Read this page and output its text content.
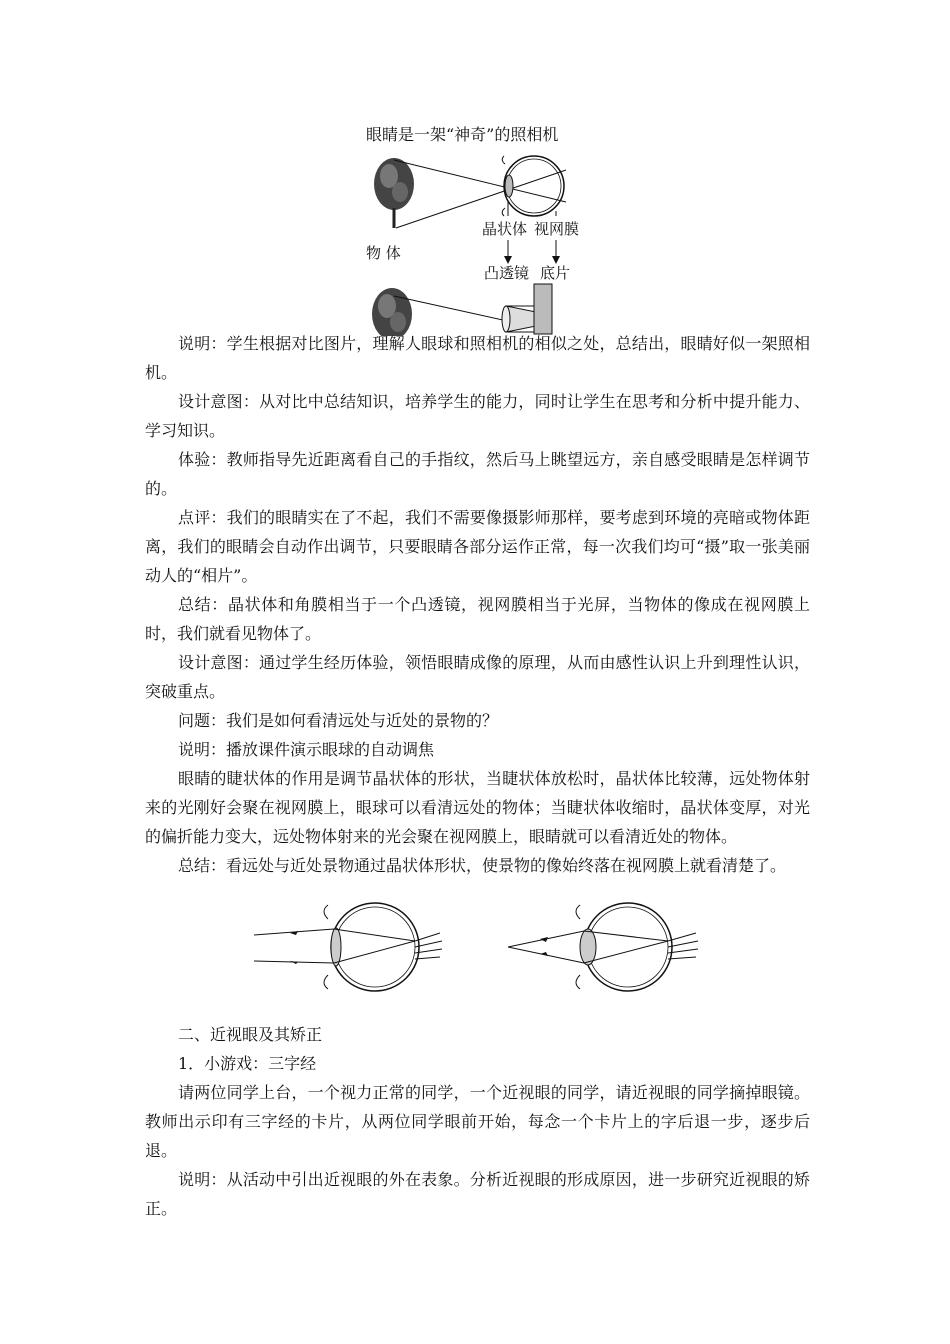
眼睛是一架“神奇”的照相机
晶状体 视网膜
凸透镜 底片
物 体

说明：学生根据对比图片，理解人眼球和照相机的相似之处，总结出，眼睛好似一架照相机。

设计意图：从对比中总结知识，培养学生的能力，同时让学生在思考和分析中提升能力、学习知识。

体验：教师指导先近距离看自己的手指纹，然后马上眺望远方，亲自感受眼睛是怎样调节的。

点评：我们的眼睛实在了不起，我们不需要像摄影师那样，要考虑到环境的亮暗或物体距离，我们的眼睛会自动作出调节，只要眼睛各部分运作正常，每一次我们均可“摄”取一张美丽动人的“相片”。

总结：晶状体和角膜相当于一个凸透镜，视网膜相当于光屏，当物体的像成在视网膜上时，我们就看见物体了。

设计意图：通过学生经历体验，领悟眼睛成像的原理，从而由感性认识上升到理性认识，突破重点。

问题：我们是如何看清远处与近处的景物的？

说明：播放课件演示眼球的自动调焦

眼睛的睫状体的作用是调节晶状体的形状，当睫状体放松时，晶状体比较薄，远处物体射来的光刚好会聚在视网膜上，眼球可以看清远处的物体；当睫状体收缩时，晶状体变厚，对光的偏折能力变大，远处物体射来的光会聚在视网膜上，眼睛就可以看清近处的物体。

总结：看远处与近处景物通过晶状体形状，使景物的像始终落在视网膜上就看清楚了。

二、近视眼及其矫正

1．小游戏：三字经

请两位同学上台，一个视力正常的同学，一个近视眼的同学，请近视眼的同学摘掉眼镜。教师出示印有三字经的卡片，从两位同学眼前开始，每念一个卡片上的字后退一步，逐步后退。

说明：从活动中引出近视眼的外在表象。分析近视眼的形成原因，进一步研究近视眼的矫正。
